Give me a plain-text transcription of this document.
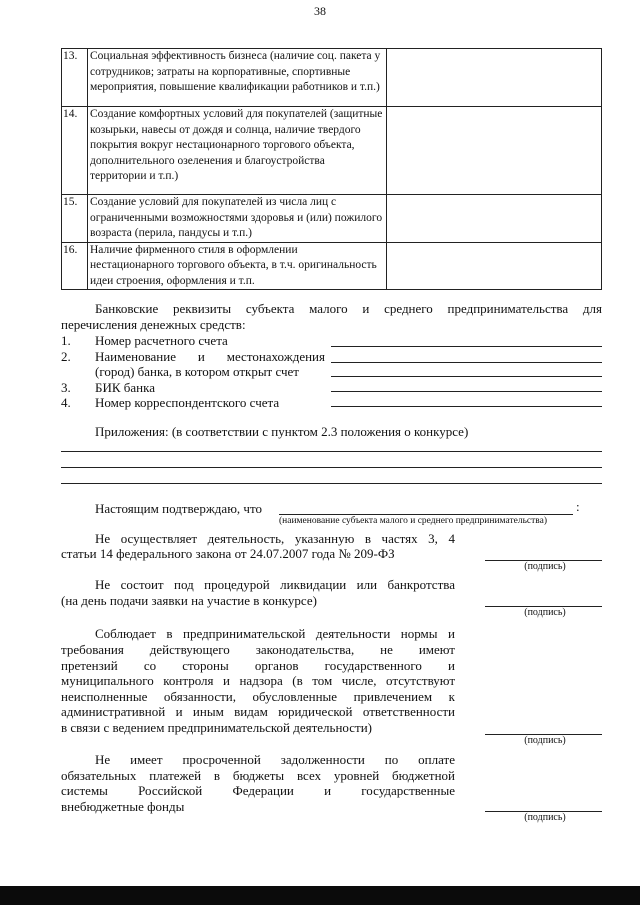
38
13.	Социальная эффективность бизнеса (наличие соц. пакета у сотрудников; затраты на корпоративные, спортивные мероприятия, повышение квалификации работников и т.п.)	
14.	Создание комфортных условий для покупателей (защитные козырьки, навесы от дождя и солнца, наличие твердого покрытия вокруг нестационарного торгового объекта, дополнительного озеленения и благоустройства территории и т.п.)	
15.	Создание условий для покупателей из числа лиц с ограниченными возможностями здоровья и (или) пожилого возраста (перила, пандусы и т.п.)	
16.	Наличие фирменного стиля в оформлении нестационарного торгового объекта, в т.ч. оригинальность идеи строения, оформления и т.п.	
Банковские реквизиты субъекта малого и среднего предпринимательства для
перечисления денежных средств:
1. Номер расчетного счета
2. Наименование и местонахождения
(город) банка, в котором открыт счет
3. БИК банка
4. Номер корреспондентского счета
Приложения: (в соответствии с пунктом 2.3 положения о конкурсе)
Настоящим подтверждаю, что	:
(наименование субъекта малого и среднего предпринимательства)
Не осуществляет деятельность, указанную в частях 3, 4
статьи 14 федерального закона от 24.07.2007 года № 209-ФЗ
(подпись)
Не состоит под процедурой ликвидации или банкротства
(на день подачи заявки на участие в конкурсе)
(подпись)
Соблюдает в предпринимательской деятельности нормы и
требования действующего законодательства, не имеют
претензий со стороны органов государственного и
муниципального контроля и надзора (в том числе, отсутствуют
неисполненные обязанности, обусловленные привлечением к
административной и иным видам юридической ответственности
в связи с ведением предпринимательской деятельности)
(подпись)
Не имеет просроченной задолженности по оплате
обязательных платежей в бюджеты всех уровней бюджетной
системы Российской Федерации и государственные
внебюджетные фонды
(подпись)
